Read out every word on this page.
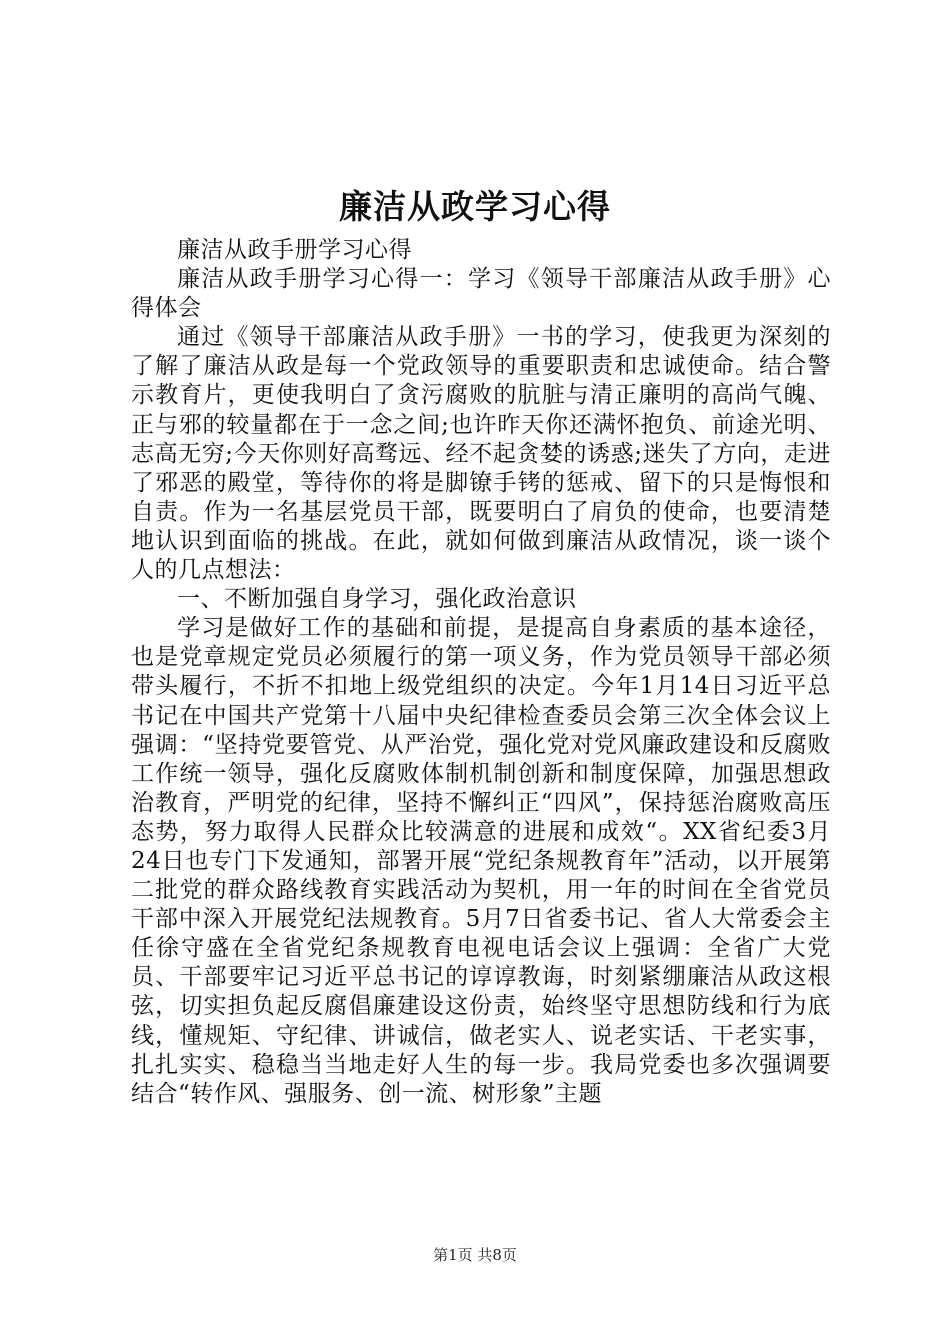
廉洁从政学习心得

廉洁从政手册学习心得

廉洁从政手册学习心得一：学习《领导干部廉洁从政手册》心得体会

通过《领导干部廉洁从政手册》一书的学习，使我更为深刻的了解了廉洁从政是每一个党政领导的重要职责和忠诚使命。结合警示教育片，更使我明白了贪污腐败的肮脏与清正廉明的高尚气魄、正与邪的较量都在于一念之间;也许昨天你还满怀抱负、前途光明、志高无穷;今天你则好高骛远、经不起贪婪的诱惑;迷失了方向，走进了邪恶的殿堂，等待你的将是脚镣手铐的惩戒、留下的只是悔恨和自责。作为一名基层党员干部，既要明白了肩负的使命，也要清楚地认识到面临的挑战。在此，就如何做到廉洁从政情况，谈一谈个人的几点想法：

一、不断加强自身学习，强化政治意识

学习是做好工作的基础和前提，是提高自身素质的基本途径，也是党章规定党员必须履行的第一项义务，作为党员领导干部必须带头履行，不折不扣地上级党组织的决定。今年1月14日习近平总书记在中国共产党第十八届中央纪律检查委员会第三次全体会议上强调：“坚持党要管党、从严治党，强化党对党风廉政建设和反腐败工作统一领导，强化反腐败体制机制创新和制度保障，加强思想政治教育，严明党的纪律，坚持不懈纠正“四风”，保持惩治腐败高压态势，努力取得人民群众比较满意的进展和成效“。XX省纪委3月24日也专门下发通知，部署开展“党纪条规教育年”活动，以开展第二批党的群众路线教育实践活动为契机，用一年的时间在全省党员干部中深入开展党纪法规教育。5月7日省委书记、省人大常委会主任徐守盛在全省党纪条规教育电视电话会议上强调：全省广大党员、干部要牢记习近平总书记的谆谆教诲，时刻紧绷廉洁从政这根弦，切实担负起反腐倡廉建设这份责，始终坚守思想防线和行为底线，懂规矩、守纪律、讲诚信，做老实人、说老实话、干老实事，扎扎实实、稳稳当当地走好人生的每一步。我局党委也多次强调要结合“转作风、强服务、创一流、树形象”主题

第1页 共8页
